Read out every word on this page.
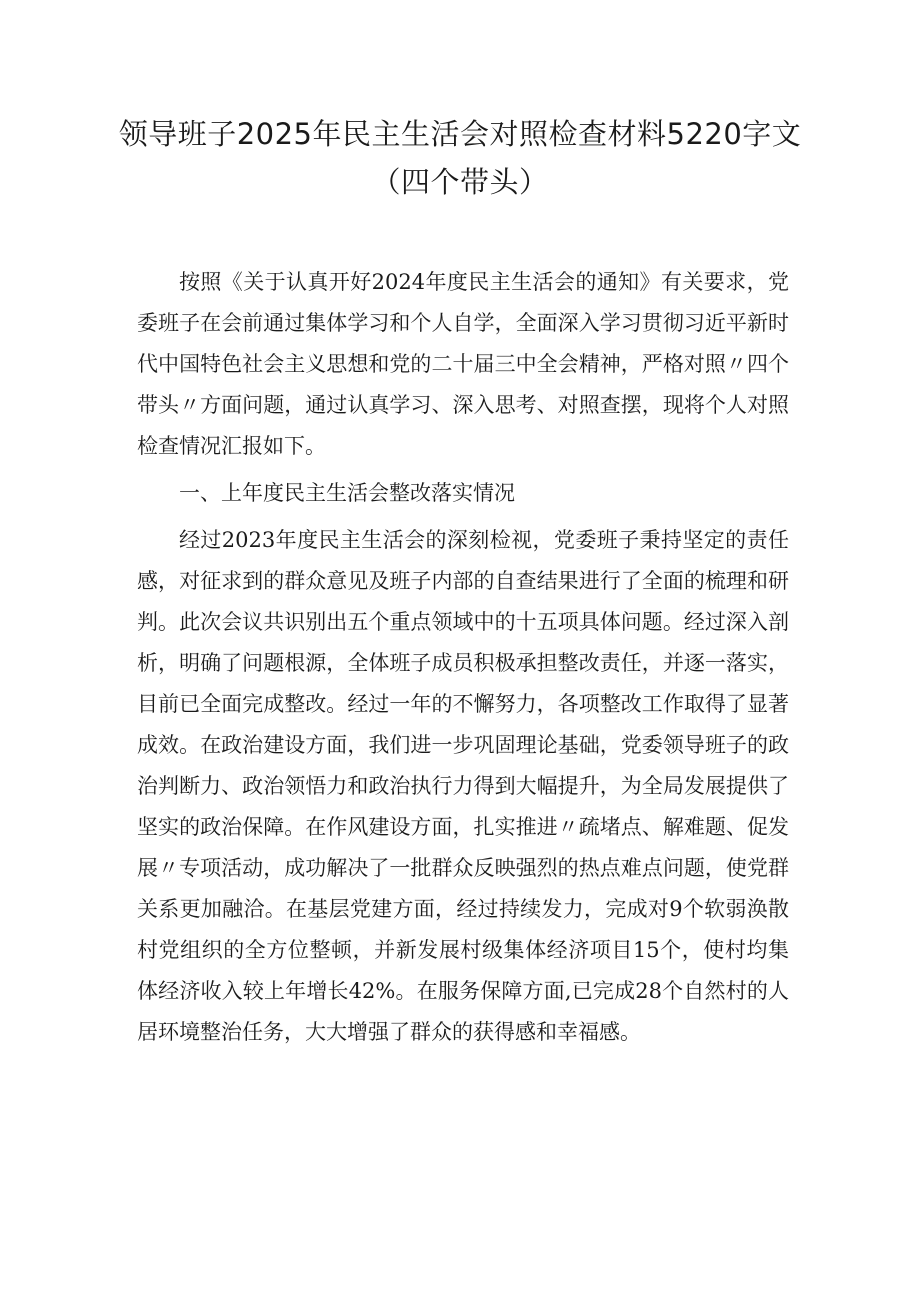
领导班子2025年民主生活会对照检查材料5220字文
（四个带头）

按照《关于认真开好2024年度民主生活会的通知》有关要求，党委班子在会前通过集体学习和个人自学，全面深入学习贯彻习近平新时代中国特色社会主义思想和党的二十届三中全会精神，严格对照〃四个带头〃方面问题，通过认真学习、深入思考、对照查摆，现将个人对照检查情况汇报如下。

一、上年度民主生活会整改落实情况

经过2023年度民主生活会的深刻检视，党委班子秉持坚定的责任感，对征求到的群众意见及班子内部的自查结果进行了全面的梳理和研判。此次会议共识别出五个重点领域中的十五项具体问题。经过深入剖析，明确了问题根源，全体班子成员积极承担整改责任，并逐一落实，目前已全面完成整改。经过一年的不懈努力，各项整改工作取得了显著成效。在政治建设方面，我们进一步巩固理论基础，党委领导班子的政治判断力、政治领悟力和政治执行力得到大幅提升，为全局发展提供了坚实的政治保障。在作风建设方面，扎实推进〃疏堵点、解难题、促发展〃专项活动，成功解决了一批群众反映强烈的热点难点问题，使党群关系更加融洽。在基层党建方面，经过持续发力，完成对9个软弱涣散村党组织的全方位整顿，并新发展村级集体经济项目15个，使村均集体经济收入较上年增长42%。在服务保障方面,已完成28个自然村的人居环境整治任务，大大增强了群众的获得感和幸福感。
